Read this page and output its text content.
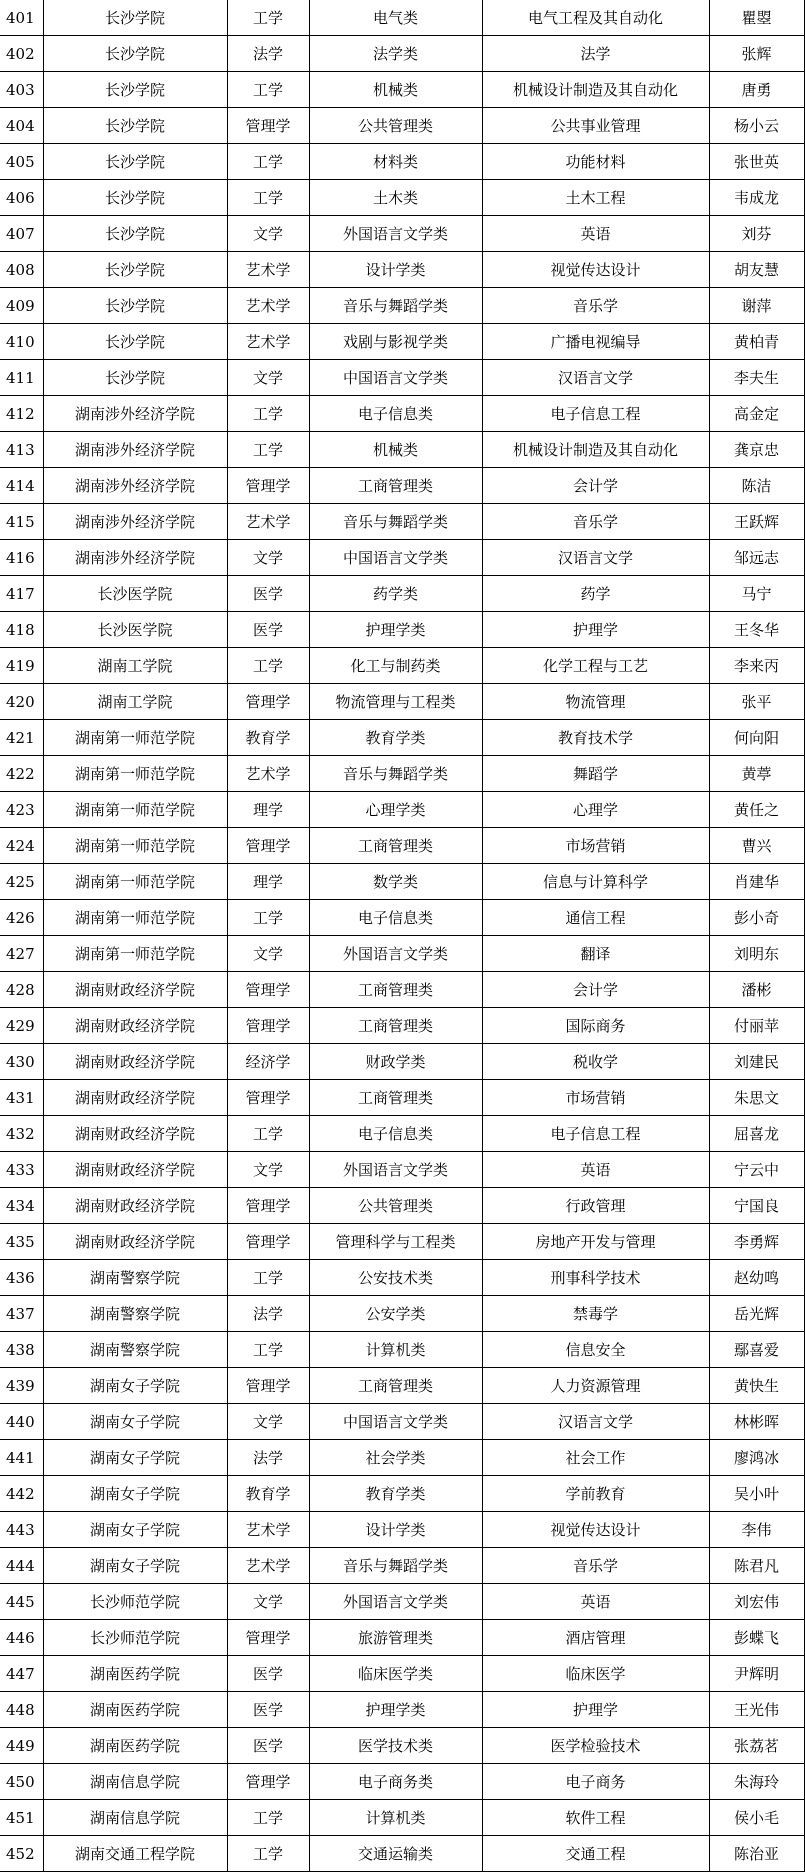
401	长沙学院	工学	电气类	电气工程及其自动化	瞿曌
402	长沙学院	法学	法学类	法学	张辉
403	长沙学院	工学	机械类	机械设计制造及其自动化	唐勇
404	长沙学院	管理学	公共管理类	公共事业管理	杨小云
405	长沙学院	工学	材料类	功能材料	张世英
406	长沙学院	工学	土木类	土木工程	韦成龙
407	长沙学院	文学	外国语言文学类	英语	刘芬
408	长沙学院	艺术学	设计学类	视觉传达设计	胡友慧
409	长沙学院	艺术学	音乐与舞蹈学类	音乐学	谢萍
410	长沙学院	艺术学	戏剧与影视学类	广播电视编导	黄柏青
411	长沙学院	文学	中国语言文学类	汉语言文学	李夫生
412	湖南涉外经济学院	工学	电子信息类	电子信息工程	高金定
413	湖南涉外经济学院	工学	机械类	机械设计制造及其自动化	龚京忠
414	湖南涉外经济学院	管理学	工商管理类	会计学	陈洁
415	湖南涉外经济学院	艺术学	音乐与舞蹈学类	音乐学	王跃辉
416	湖南涉外经济学院	文学	中国语言文学类	汉语言文学	邹远志
417	长沙医学院	医学	药学类	药学	马宁
418	长沙医学院	医学	护理学类	护理学	王冬华
419	湖南工学院	工学	化工与制药类	化学工程与工艺	李来丙
420	湖南工学院	管理学	物流管理与工程类	物流管理	张平
421	湖南第一师范学院	教育学	教育学类	教育技术学	何向阳
422	湖南第一师范学院	艺术学	音乐与舞蹈学类	舞蹈学	黄葶
423	湖南第一师范学院	理学	心理学类	心理学	黄任之
424	湖南第一师范学院	管理学	工商管理类	市场营销	曹兴
425	湖南第一师范学院	理学	数学类	信息与计算科学	肖建华
426	湖南第一师范学院	工学	电子信息类	通信工程	彭小奇
427	湖南第一师范学院	文学	外国语言文学类	翻译	刘明东
428	湖南财政经济学院	管理学	工商管理类	会计学	潘彬
429	湖南财政经济学院	管理学	工商管理类	国际商务	付丽苹
430	湖南财政经济学院	经济学	财政学类	税收学	刘建民
431	湖南财政经济学院	管理学	工商管理类	市场营销	朱思文
432	湖南财政经济学院	工学	电子信息类	电子信息工程	屈喜龙
433	湖南财政经济学院	文学	外国语言文学类	英语	宁云中
434	湖南财政经济学院	管理学	公共管理类	行政管理	宁国良
435	湖南财政经济学院	管理学	管理科学与工程类	房地产开发与管理	李勇辉
436	湖南警察学院	工学	公安技术类	刑事科学技术	赵幼鸣
437	湖南警察学院	法学	公安学类	禁毒学	岳光辉
438	湖南警察学院	工学	计算机类	信息安全	鄢喜爱
439	湖南女子学院	管理学	工商管理类	人力资源管理	黄快生
440	湖南女子学院	文学	中国语言文学类	汉语言文学	林彬晖
441	湖南女子学院	法学	社会学类	社会工作	廖鸿冰
442	湖南女子学院	教育学	教育学类	学前教育	吴小叶
443	湖南女子学院	艺术学	设计学类	视觉传达设计	李伟
444	湖南女子学院	艺术学	音乐与舞蹈学类	音乐学	陈君凡
445	长沙师范学院	文学	外国语言文学类	英语	刘宏伟
446	长沙师范学院	管理学	旅游管理类	酒店管理	彭蝶飞
447	湖南医药学院	医学	临床医学类	临床医学	尹辉明
448	湖南医药学院	医学	护理学类	护理学	王光伟
449	湖南医药学院	医学	医学技术类	医学检验技术	张荔茗
450	湖南信息学院	管理学	电子商务类	电子商务	朱海玲
451	湖南信息学院	工学	计算机类	软件工程	侯小毛
452	湖南交通工程学院	工学	交通运输类	交通工程	陈治亚
